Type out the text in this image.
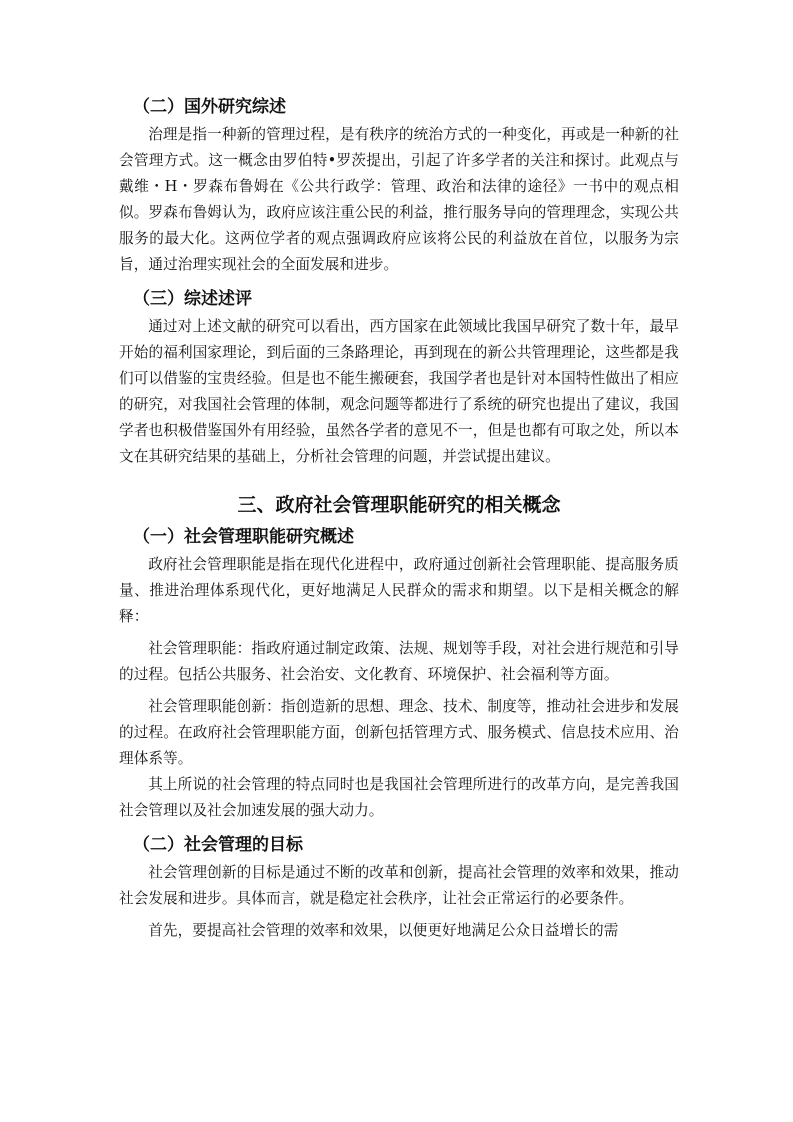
（二）国外研究综述

治理是指一种新的管理过程，是有秩序的统治方式的一种变化，再或是一种新的社会管理方式。这一概念由罗伯特•罗茨提出，引起了许多学者的关注和探讨。此观点与戴维・H・罗森布鲁姆在《公共行政学：管理、政治和法律的途径》一书中的观点相似。罗森布鲁姆认为，政府应该注重公民的利益，推行服务导向的管理理念，实现公共服务的最大化。这两位学者的观点强调政府应该将公民的利益放在首位，以服务为宗旨，通过治理实现社会的全面发展和进步。

（三）综述述评

通过对上述文献的研究可以看出，西方国家在此领域比我国早研究了数十年，最早开始的福利国家理论，到后面的三条路理论，再到现在的新公共管理理论，这些都是我们可以借鉴的宝贵经验。但是也不能生搬硬套，我国学者也是针对本国特性做出了相应的研究，对我国社会管理的体制，观念问题等都进行了系统的研究也提出了建议，我国学者也积极借鉴国外有用经验，虽然各学者的意见不一，但是也都有可取之处，所以本文在其研究结果的基础上，分析社会管理的问题，并尝试提出建议。

三、政府社会管理职能研究的相关概念
（一）社会管理职能研究概述

政府社会管理职能是指在现代化进程中，政府通过创新社会管理职能、提高服务质量、推进治理体系现代化，更好地满足人民群众的需求和期望。以下是相关概念的解释：

社会管理职能：指政府通过制定政策、法规、规划等手段，对社会进行规范和引导的过程。包括公共服务、社会治安、文化教育、环境保护、社会福利等方面。

社会管理职能创新：指创造新的思想、理念、技术、制度等，推动社会进步和发展的过程。在政府社会管理职能方面，创新包括管理方式、服务模式、信息技术应用、治理体系等。

其上所说的社会管理的特点同时也是我国社会管理所进行的改革方向，是完善我国社会管理以及社会加速发展的强大动力。

（二）社会管理的目标

社会管理创新的目标是通过不断的改革和创新，提高社会管理的效率和效果，推动社会发展和进步。具体而言，就是稳定社会秩序，让社会正常运行的必要条件。

首先，要提高社会管理的效率和效果，以便更好地满足公众日益增长的需
